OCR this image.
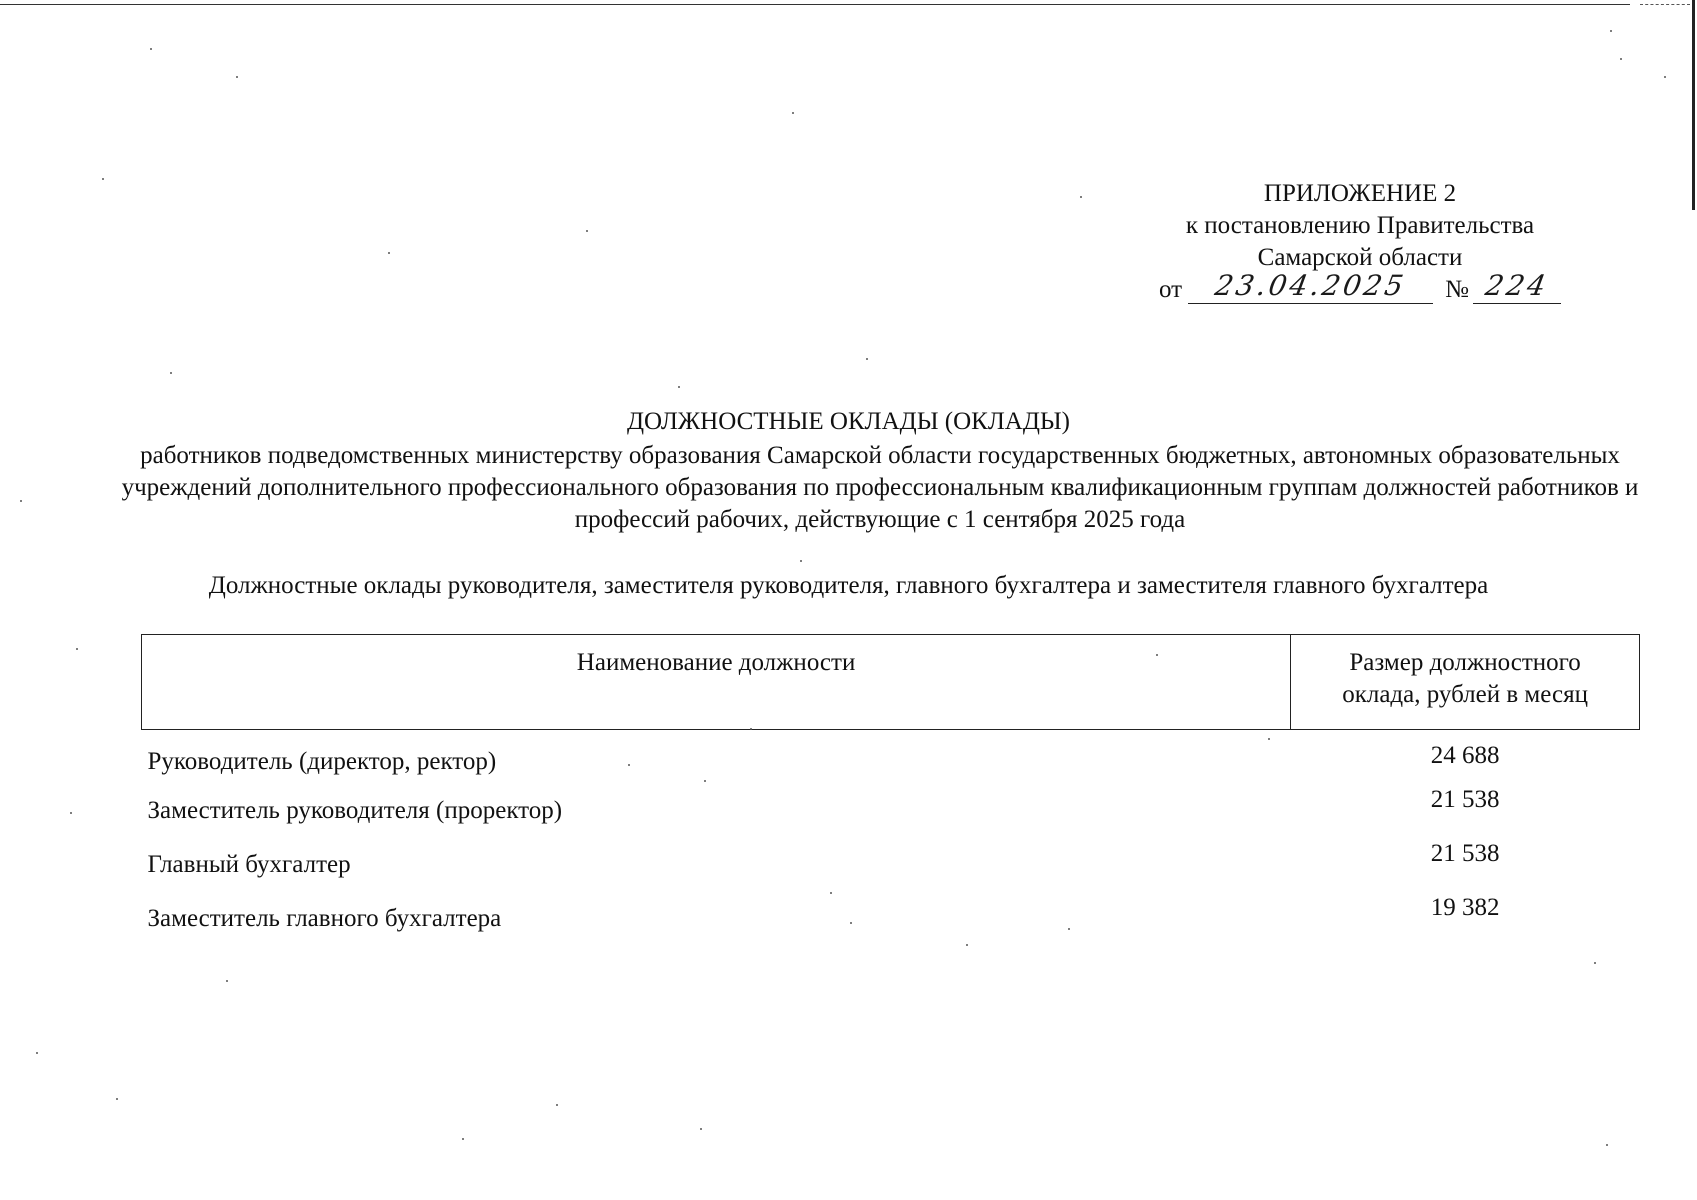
ПРИЛОЖЕНИЕ 2
к постановлению Правительства
Самарской области
от	23.04.2025	№ 224
ДОЛЖНОСТНЫЕ ОКЛАДЫ (ОКЛАДЫ)
работников подведомственных министерству образования Самарской области государственных бюджетных, автономных образовательных учреждений дополнительного профессионального образования по профессиональным квалификационным группам должностей работников и профессий рабочих, действующие с 1 сентября 2025 года
Должностные оклады руководителя, заместителя руководителя, главного бухгалтера и заместителя главного бухгалтера
Наименование должности	Размер должностного
оклада, рублей в месяц

Руководитель (директор, ректор)	24 688
Заместитель руководителя (проректор)	21 538
Главный бухгалтер	21 538
Заместитель главного бухгалтера	19 382
